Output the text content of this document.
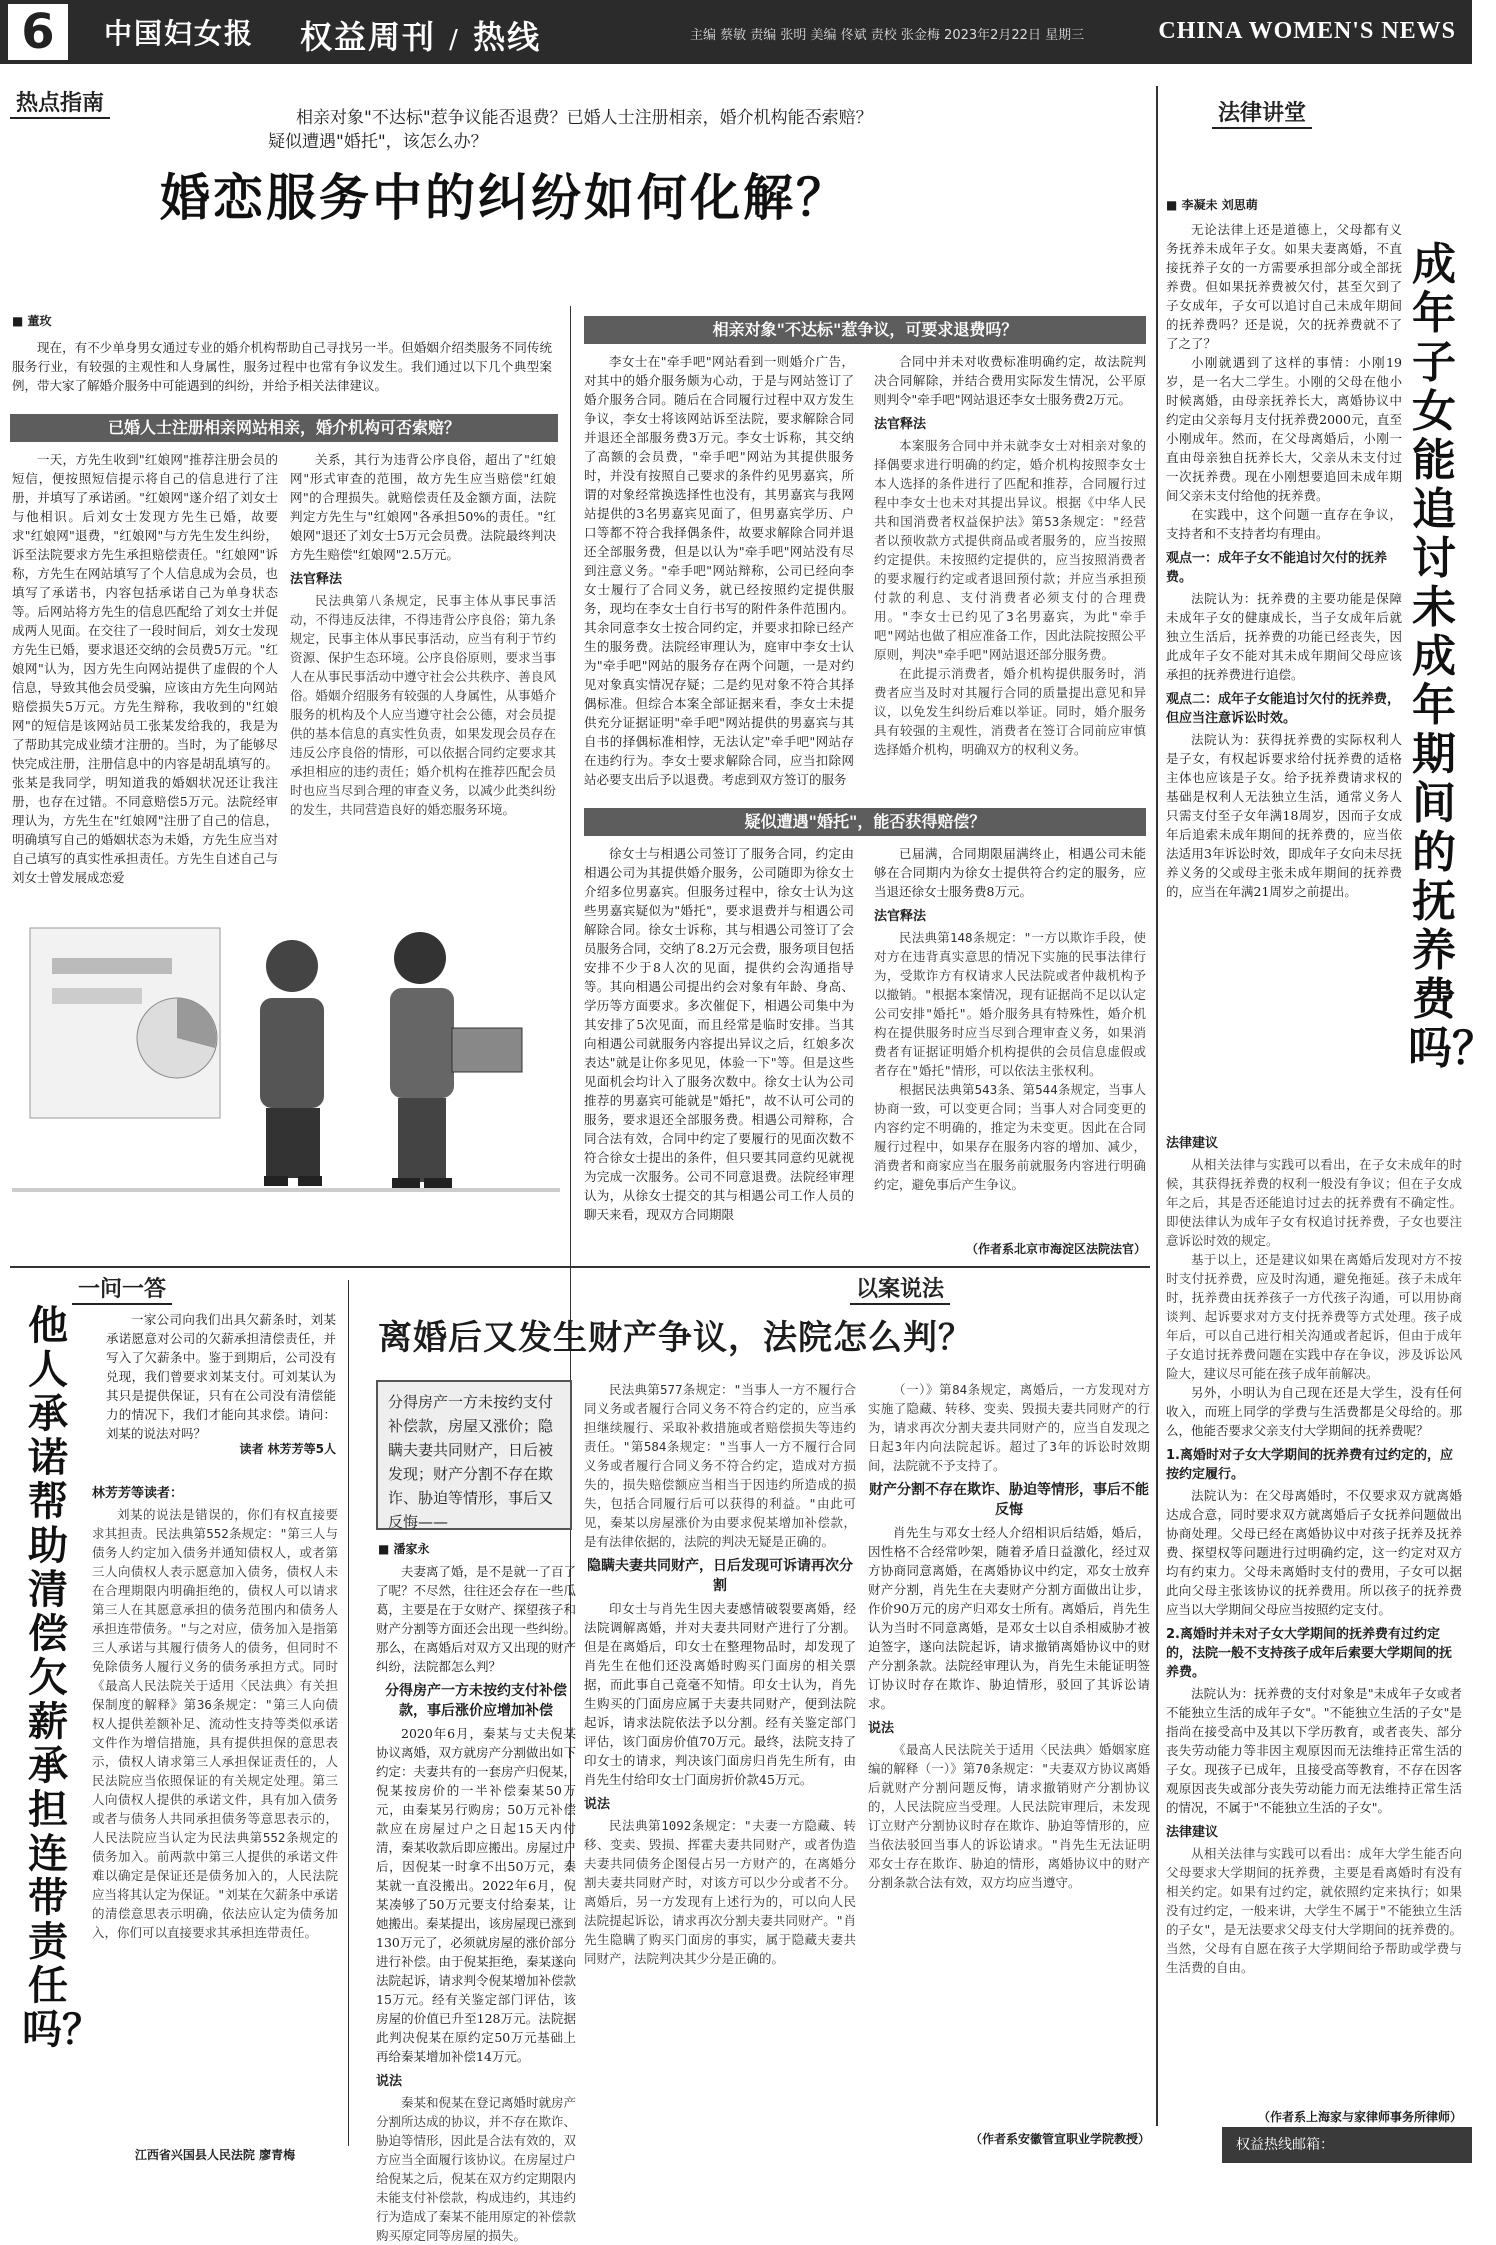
6	中国妇女报 权益周刊 / 热线	主编 蔡敏 责编 张明 美编 佟斌 责校 张金梅 2023年2月22日 星期三	CHINA WOMEN'S NEWS
热点指南	法律讲堂
相亲对象"不达标"惹争议能否退费？已婚人士注册相亲，婚介机构能否索赔？
疑似遭遇"婚托"，该怎么办？
婚恋服务中的纠纷如何化解？
■ 董玫
现在，有不少单身男女通过专业的婚介机构帮助自己寻找另一半。但婚姻介绍类服务不同传统服务行业，有较强的主观性和人身属性，服务过程中也常有争议发生。我们通过以下几个典型案例，带大家了解婚介服务中可能遇到的纠纷，并给予相关法律建议。
已婚人士注册相亲网站相亲，婚介机构可否索赔？
一天，方先生收到"红娘网"推荐注册会员的短信，便按照短信提示将自己的信息进行了注册，并填写了承诺函。"红娘网"遂介绍了刘女士与他相识。后刘女士发现方先生已婚，故要求"红娘网"退费，"红娘网"与方先生发生纠纷，诉至法院要求方先生承担赔偿责任。"红娘网"诉称，方先生在网站填写了个人信息成为会员，也填写了承诺书，内容包括承诺自己为单身状态等。后网站将方先生的信息匹配给了刘女士并促成两人见面。在交往了一段时间后，刘女士发现方先生已婚，要求退还交纳的会员费5万元。"红娘网"认为，因方先生向网站提供了虚假的个人信息，导致其他会员受骗，应该由方先生向网站赔偿损失5万元。方先生辩称，我收到的"红娘网"的短信是该网站员工张某发给我的，我是为了帮助其完成业绩才注册的。当时，为了能够尽快完成注册，注册信息中的内容是胡乱填写的。张某是我同学，明知道我的婚姻状况还让我注册，也存在过错。不同意赔偿5万元。法院经审理认为，方先生在"红娘网"注册了自己的信息，明确填写自己的婚姻状态为未婚，方先生应当对自己填写的真实性承担责任。方先生自述自己与刘女士曾发展成恋爱
关系，其行为违背公序良俗，超出了"红娘网"形式审查的范围，故方先生应当赔偿"红娘网"的合理损失。就赔偿责任及金额方面，法院判定方先生与"红娘网"各承担50%的责任。"红娘网"退还了刘女士5万元会员费。法院最终判决方先生赔偿"红娘网"2.5万元。
法官释法
民法典第八条规定，民事主体从事民事活动，不得违反法律，不得违背公序良俗；第九条规定，民事主体从事民事活动，应当有利于节约资源、保护生态环境。公序良俗原则，要求当事人在从事民事活动中遵守社会公共秩序、善良风俗。婚姻介绍服务有较强的人身属性，从事婚介服务的机构及个人应当遵守社会公德，对会员提供的基本信息的真实性负责，如果发现会员存在违反公序良俗的情形，可以依据合同约定要求其承担相应的违约责任；婚介机构在推荐匹配会员时也应当尽到合理的审查义务，以减少此类纠纷的发生，共同营造良好的婚恋服务环境。
相亲对象"不达标"惹争议，可要求退费吗？
李女士在"牵手吧"网站看到一则婚介广告，对其中的婚介服务颇为心动，于是与网站签订了婚介服务合同。随后在合同履行过程中双方发生争议，李女士将该网站诉至法院，要求解除合同并退还全部服务费3万元。李女士诉称，其交纳了高额的会员费，"牵手吧"网站为其提供服务时，并没有按照自己要求的条件约见男嘉宾，所谓的对象经常换选择性也没有，其男嘉宾与我网站提供的3名男嘉宾见面了，但男嘉宾学历、户口等都不符合我择偶条件，故要求解除合同并退还全部服务费，但是以认为"牵手吧"网站没有尽到注意义务。"牵手吧"网站辩称，公司已经向李女士履行了合同义务，就已经按照约定提供服务，现均在李女士自行书写的附件条件范围内。其余同意李女士按合同约定，并要求扣除已经产生的服务费。法院经审理认为，庭审中李女士认为"牵手吧"网站的服务存在两个问题，一是对约见对象真实情况存疑；二是约见对象不符合其择偶标准。但综合本案全部证据来看，李女士未提供充分证据证明"牵手吧"网站提供的男嘉宾与其自书的择偶标准相悖，无法认定"牵手吧"网站存在违约行为。李女士要求解除合同，应当扣除网站必要支出后予以退费。考虑到双方签订的服务
合同中并未对收费标准明确约定，故法院判决合同解除，并结合费用实际发生情况，公平原则判令"牵手吧"网站退还李女士服务费2万元。
法官释法
本案服务合同中并未就李女士对相亲对象的择偶要求进行明确的约定，婚介机构按照李女士本人选择的条件进行了匹配和推荐，合同履行过程中李女士也未对其提出异议。根据《中华人民共和国消费者权益保护法》第53条规定："经营者以预收款方式提供商品或者服务的，应当按照约定提供。未按照约定提供的，应当按照消费者的要求履行约定或者退回预付款；并应当承担预付款的利息、支付消费者必须支付的合理费用。"李女士已约见了3名男嘉宾，为此"牵手吧"网站也做了相应准备工作，因此法院按照公平原则，判决"牵手吧"网站退还部分服务费。
在此提示消费者，婚介机构提供服务时，消费者应当及时对其履行合同的质量提出意见和异议，以免发生纠纷后难以举证。同时，婚介服务具有较强的主观性，消费者在签订合同前应审慎选择婚介机构，明确双方的权利义务。
疑似遭遇"婚托"，能否获得赔偿？
徐女士与相遇公司签订了服务合同，约定由相遇公司为其提供婚介服务，公司随即为徐女士介绍多位男嘉宾。但服务过程中，徐女士认为这些男嘉宾疑似为"婚托"，要求退费并与相遇公司解除合同。徐女士诉称，其与相遇公司签订了会员服务合同，交纳了8.2万元会费，服务项目包括安排不少于8人次的见面，提供约会沟通指导等。其向相遇公司提出约会对象有年龄、身高、学历等方面要求。多次催促下，相遇公司集中为其安排了5次见面，而且经常是临时安排。当其向相遇公司就服务内容提出异议之后，红娘多次表达"就是让你多见见，体验一下"等。但是这些见面机会均计入了服务次数中。徐女士认为公司推荐的男嘉宾可能就是"婚托"，故不认可公司的服务，要求退还全部服务费。相遇公司辩称，合同合法有效，合同中约定了要履行的见面次数不符合徐女士提出的条件，但只要其同意约见就视为完成一次服务。公司不同意退费。法院经审理认为，从徐女士提交的其与相遇公司工作人员的聊天来看，现双方合同期限
已届满，合同期限届满终止，相遇公司未能够在合同期内为徐女士提供符合约定的服务，应当退还徐女士服务费8万元。
法官释法
民法典第148条规定："一方以欺诈手段，使对方在违背真实意思的情况下实施的民事法律行为，受欺诈方有权请求人民法院或者仲裁机构予以撤销。"根据本案情况，现有证据尚不足以认定公司安排"婚托"。婚介服务具有特殊性，婚介机构在提供服务时应当尽到合理审查义务，如果消费者有证据证明婚介机构提供的会员信息虚假或者存在"婚托"情形，可以依法主张权利。
根据民法典第543条、第544条规定，当事人协商一致，可以变更合同；当事人对合同变更的内容约定不明确的，推定为未变更。因此在合同履行过程中，如果存在服务内容的增加、减少，消费者和商家应当在服务前就服务内容进行明确约定，避免事后产生争议。
（作者系北京市海淀区法院法官）
一问一答
一家公司向我们出具欠薪条时，刘某承诺愿意对公司的欠薪承担清偿责任，并写入了欠薪条中。鉴于到期后，公司没有兑现，我们曾要求刘某支付。可刘某认为其只是提供保证，只有在公司没有清偿能力的情况下，我们才能向其求偿。请问：刘某的说法对吗？
读者 林芳芳等5人
他人承诺帮助清偿欠薪承担连带责任吗？
林芳芳等读者：
刘某的说法是错误的，你们有权直接要求其担责。民法典第552条规定："第三人与债务人约定加入债务并通知债权人，或者第三人向债权人表示愿意加入债务，债权人未在合理期限内明确拒绝的，债权人可以请求第三人在其愿意承担的债务范围内和债务人承担连带债务。"与之对应，债务加入是指第三人承诺与其履行债务人的债务，但同时不免除债务人履行义务的债务承担方式。同时《最高人民法院关于适用〈民法典〉有关担保制度的解释》第36条规定："第三人向债权人提供差额补足、流动性支持等类似承诺文件作为增信措施，具有提供担保的意思表示，债权人请求第三人承担保证责任的，人民法院应当依照保证的有关规定处理。第三人向债权人提供的承诺文件，具有加入债务或者与债务人共同承担债务等意思表示的，人民法院应当认定为民法典第552条规定的债务加入。前两款中第三人提供的承诺文件难以确定是保证还是债务加入的，人民法院应当将其认定为保证。"刘某在欠薪条中承诺的清偿意思表示明确，依法应认定为债务加入，你们可以直接要求其承担连带责任。
江西省兴国县人民法院 廖青梅
以案说法
离婚后又发生财产争议，法院怎么判？
分得房产一方未按约支付补偿款，房屋又涨价；隐瞒夫妻共同财产，日后被发现；财产分割不存在欺诈、胁迫等情形，事后又反悔——
■ 潘家永
夫妻离了婚，是不是就一了百了了呢？不尽然，往往还会存在一些瓜葛，主要是在于女财产、探望孩子和财产分割等方面还会出现一些纠纷。那么，在离婚后对双方又出现的财产纠纷，法院都怎么判？
分得房产一方未按约支付补偿款，事后涨价应增加补偿
2020年6月，秦某与丈夫倪某协议离婚，双方就房产分割做出如下约定：夫妻共有的一套房产归倪某，倪某按房价的一半补偿秦某50万元，由秦某另行购房；50万元补偿款应在房屋过户之日起15天内付清，秦某收款后即应搬出。房屋过户后，因倪某一时拿不出50万元，秦某就一直没搬出。2022年6月，倪某凑够了50万元要支付给秦某，让她搬出。秦某提出，该房屋现已涨到130万元了，必须就房屋的涨价部分进行补偿。由于倪某拒绝，秦某遂向法院起诉，请求判令倪某增加补偿款15万元。经有关鉴定部门评估，该房屋的价值已升至128万元。法院据此判决倪某在原约定50万元基础上再给秦某增加补偿14万元。
说法
秦某和倪某在登记离婚时就房产分割所达成的协议，并不存在欺诈、胁迫等情形，因此是合法有效的，双方应当全面履行该协议。在房屋过户给倪某之后，倪某在双方约定期限内未能支付补偿款，构成违约，其违约行为造成了秦某不能用原定的补偿款购买原定同等房屋的损失。
民法典第577条规定："当事人一方不履行合同义务或者履行合同义务不符合约定的，应当承担继续履行、采取补救措施或者赔偿损失等违约责任。"第584条规定："当事人一方不履行合同义务或者履行合同义务不符合约定，造成对方损失的，损失赔偿额应当相当于因违约所造成的损失，包括合同履行后可以获得的利益。"由此可见，秦某以房屋涨价为由要求倪某增加补偿款，是有法律依据的，法院的判决无疑是正确的。
隐瞒夫妻共同财产，日后发现可诉请再次分割
印女士与肖先生因夫妻感情破裂要离婚，经法院调解离婚，并对夫妻共同财产进行了分割。但是在离婚后，印女士在整理物品时，却发现了肖先生在他们还没离婚时购买门面房的相关票据，而此事自己竟毫不知情。印女士认为，肖先生购买的门面房应属于夫妻共同财产，便到法院起诉，请求法院依法予以分割。经有关鉴定部门评估，该门面房价值70万元。最终，法院支持了印女士的请求，判决该门面房归肖先生所有，由肖先生付给印女士门面房折价款45万元。
说法
民法典第1092条规定："夫妻一方隐藏、转移、变卖、毁损、挥霍夫妻共同财产，或者伪造夫妻共同债务企图侵占另一方财产的，在离婚分割夫妻共同财产时，对该方可以少分或者不分。离婚后，另一方发现有上述行为的，可以向人民法院提起诉讼，请求再次分割夫妻共同财产。"肖先生隐瞒了购买门面房的事实，属于隐藏夫妻共同财产，法院判决其少分是正确的。
（一）》第84条规定，离婚后，一方发现对方实施了隐藏、转移、变卖、毁损夫妻共同财产的行为，请求再次分割夫妻共同财产的，应当自发现之日起3年内向法院起诉。超过了3年的诉讼时效期间，法院就不予支持了。
财产分割不存在欺诈、胁迫等情形，事后不能反悔
肖先生与邓女士经人介绍相识后结婚，婚后，因性格不合经常吵架，随着矛盾日益激化，经过双方协商同意离婚，在离婚协议中约定，邓女士放弃财产分割，肖先生在夫妻财产分割方面做出让步，作价90万元的房产归邓女士所有。离婚后，肖先生认为当时不同意离婚，是邓女士以自杀相威胁才被迫签字，遂向法院起诉，请求撤销离婚协议中的财产分割条款。法院经审理认为，肖先生未能证明签订协议时存在欺诈、胁迫情形，驳回了其诉讼请求。
说法
《最高人民法院关于适用〈民法典〉婚姻家庭编的解释（一）》第70条规定："夫妻双方协议离婚后就财产分割问题反悔，请求撤销财产分割协议的，人民法院应当受理。人民法院审理后，未发现订立财产分割协议时存在欺诈、胁迫等情形的，应当依法驳回当事人的诉讼请求。"肖先生无法证明邓女士存在欺诈、胁迫的情形，离婚协议中的财产分割条款合法有效，双方均应当遵守。
（作者系安徽管宣职业学院教授）
■ 李凝未 刘思萌
成年子女能追讨未成年期间的抚养费吗？
无论法律上还是道德上，父母都有义务抚养未成年子女。如果夫妻离婚，不直接抚养子女的一方需要承担部分或全部抚养费。但如果抚养费被欠付，甚至欠到了子女成年，子女可以追讨自己未成年期间的抚养费吗？还是说，欠的抚养费就不了了之了？
小刚就遇到了这样的事情：小刚19岁，是一名大二学生。小刚的父母在他小时候离婚，由母亲抚养长大，离婚协议中约定由父亲每月支付抚养费2000元，直至小刚成年。然而，在父母离婚后，小刚一直由母亲独自抚养长大，父亲从未支付过一次抚养费。现在小刚想要追回未成年期间父亲未支付给他的抚养费。
在实践中，这个问题一直存在争议，支持者和不支持者均有理由。
观点一：成年子女不能追讨欠付的抚养费。
法院认为：抚养费的主要功能是保障未成年子女的健康成长，当子女成年后就独立生活后，抚养费的功能已经丧失，因此成年子女不能对其未成年期间父母应该承担的抚养费进行追偿。
观点二：成年子女能追讨欠付的抚养费，但应当注意诉讼时效。
法院认为：获得抚养费的实际权利人是子女，有权起诉要求给付抚养费的适格主体也应该是子女。给予抚养费请求权的基础是权利人无法独立生活，通常义务人只需支付至子女年满18周岁，因而子女成年后追索未成年期间的抚养费的，应当依法适用3年诉讼时效，即成年子女向未尽抚养义务的父或母主张未成年期间的抚养费的，应当在年满21周岁之前提出。
法律建议
从相关法律与实践可以看出，在子女未成年的时候，其获得抚养费的权利一般没有争议；但在子女成年之后，其是否还能追讨过去的抚养费有不确定性。即使法律认为成年子女有权追讨抚养费，子女也要注意诉讼时效的规定。
基于以上，还是建议如果在离婚后发现对方不按时支付抚养费，应及时沟通，避免拖延。孩子未成年时，抚养费由抚养孩子一方代孩子沟通，可以用协商谈判、起诉要求对方支付抚养费等方式处理。孩子成年后，可以自己进行相关沟通或者起诉，但由于成年子女追讨抚养费问题在实践中存在争议，涉及诉讼风险大，建议尽可能在孩子成年前解决。
另外，小明认为自己现在还是大学生，没有任何收入，而班上同学的学费与生活费都是父母给的。那么，他能否要求父亲支付大学期间的抚养费呢？
1.离婚时对子女大学期间的抚养费有过约定的，应按约定履行。
法院认为：在父母离婚时，不仅要求双方就离婚达成合意，同时要求双方就离婚后子女抚养问题做出协商处理。父母已经在离婚协议中对孩子抚养及抚养费、探望权等问题进行过明确约定，这一约定对双方均有约束力。父母未离婚时支付的费用，子女可以据此向父母主张该协议的抚养费用。所以孩子的抚养费应当以大学期间父母应当按照约定支付。
2.离婚时并未对子女大学期间的抚养费有过约定的，法院一般不支持孩子成年后索要大学期间的抚养费。
法院认为：抚养费的支付对象是"未成年子女或者不能独立生活的成年子女"。"不能独立生活的子女"是指尚在接受高中及其以下学历教育，或者丧失、部分丧失劳动能力等非因主观原因而无法维持正常生活的子女。现孩子已成年，且接受高等教育，不存在因客观原因丧失或部分丧失劳动能力而无法维持正常生活的情况，不属于"不能独立生活的子女"。
法律建议
从相关法律与实践可以看出：成年大学生能否向父母要求大学期间的抚养费，主要是看离婚时有没有相关约定。如果有过约定，就依照约定来执行；如果没有过约定，一般来讲，大学生不属于"不能独立生活的子女"，是无法要求父母支付大学期间的抚养费的。当然，父母有自愿在孩子大学期间给予帮助或学费与生活费的自由。
（作者系上海家与家律师事务所律师）
权益热线邮箱：quanyirexian@163.com
